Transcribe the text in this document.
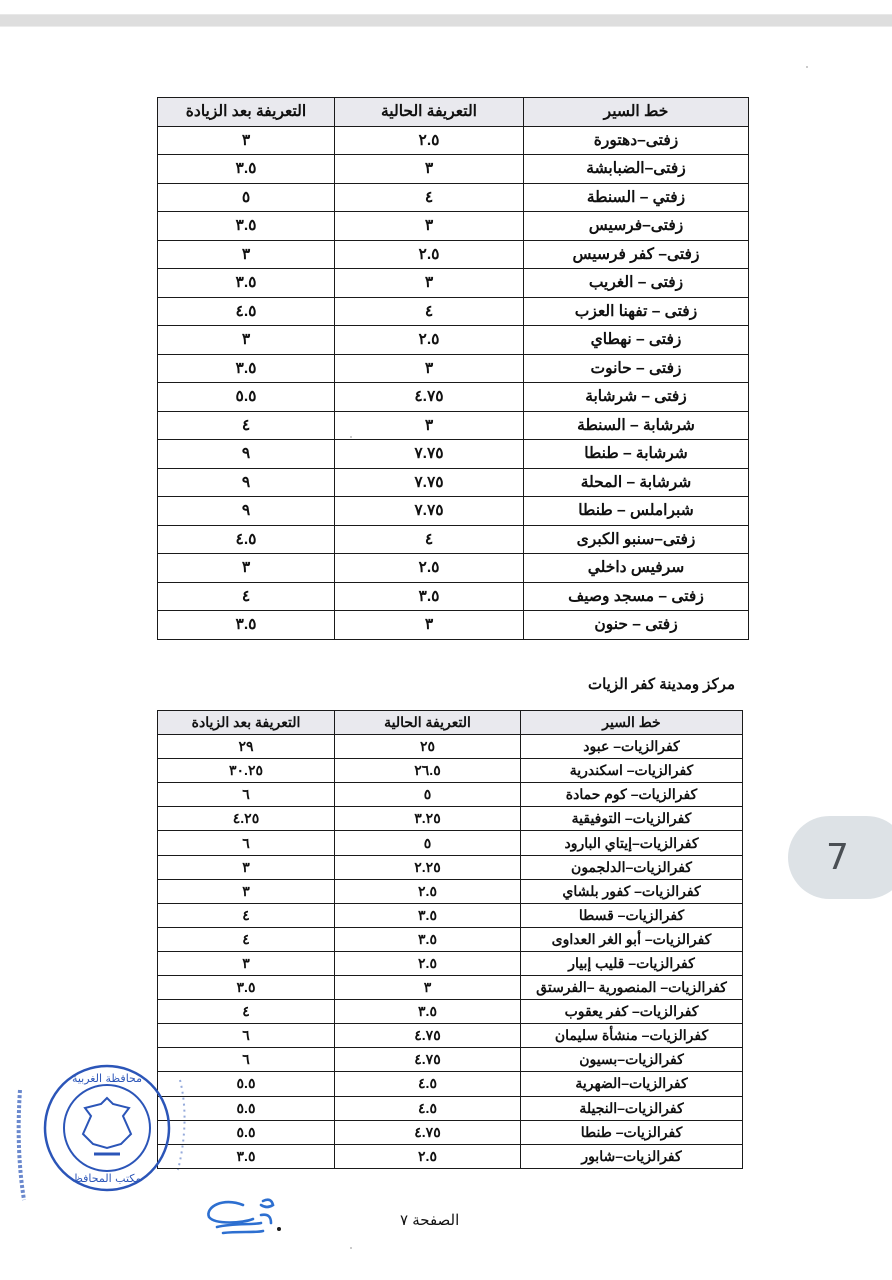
خط السير	التعريفة الحالية	التعريفة بعد الزيادة
زفتى–دهتورة	٢.٥	٣
زفتى–الضبابشة	٣	٣.٥
زفتي – السنطة	٤	٥
زفتى–فرسيس	٣	٣.٥
زفتى– كفر فرسيس	٢.٥	٣
زفتى – الغريب	٣	٣.٥
زفتى – تفهنا العزب	٤	٤.٥
زفتى – نهطاي	٢.٥	٣
زفتى – حانوت	٣	٣.٥
زفتى – شرشابة	٤.٧٥	٥.٥
شرشابة – السنطة	٣	٤
شرشابة – طنطا	٧.٧٥	٩
شرشابة – المحلة	٧.٧٥	٩
شبراملس – طنطا	٧.٧٥	٩
زفتى–سنبو الكبرى	٤	٤.٥
سرفيس داخلي	٢.٥	٣
زفتى – مسجد وصيف	٣.٥	٤
زفتى – حنون	٣	٣.٥
مركز ومدينة كفر الزيات
خط السير	التعريفة الحالية	التعريفة بعد الزيادة
كفرالزيات– عبود	٢٥	٢٩
كفرالزيات– اسكندرية	٢٦.٥	٣٠.٢٥
كفرالزيات– كوم حمادة	٥	٦
كفرالزيات– التوفيقية	٣.٢٥	٤.٢٥
كفرالزيات–إيتاي البارود	٥	٦
كفرالزيات–الدلجمون	٢.٢٥	٣
كفرالزيات– كفور بلشاي	٢.٥	٣
كفرالزيات– قسطا	٣.٥	٤
كفرالزيات– أبو الغر العداوى	٣.٥	٤
كفرالزيات– قليب إبيار	٢.٥	٣
كفرالزيات– المنصورية –الفرستق	٣	٣.٥
كفرالزيات– كفر يعقوب	٣.٥	٤
كفرالزيات– منشأة سليمان	٤.٧٥	٦
كفرالزيات–بسيون	٤.٧٥	٦
كفرالزيات–الضهرية	٤.٥	٥.٥
كفرالزيات–النجيلة	٤.٥	٥.٥
كفرالزيات– طنطا	٤.٧٥	٥.٥
كفرالزيات–شابور	٢.٥	٣.٥
محافظة الغربية
مكتب المحافظ
الصفحة ٧
7
